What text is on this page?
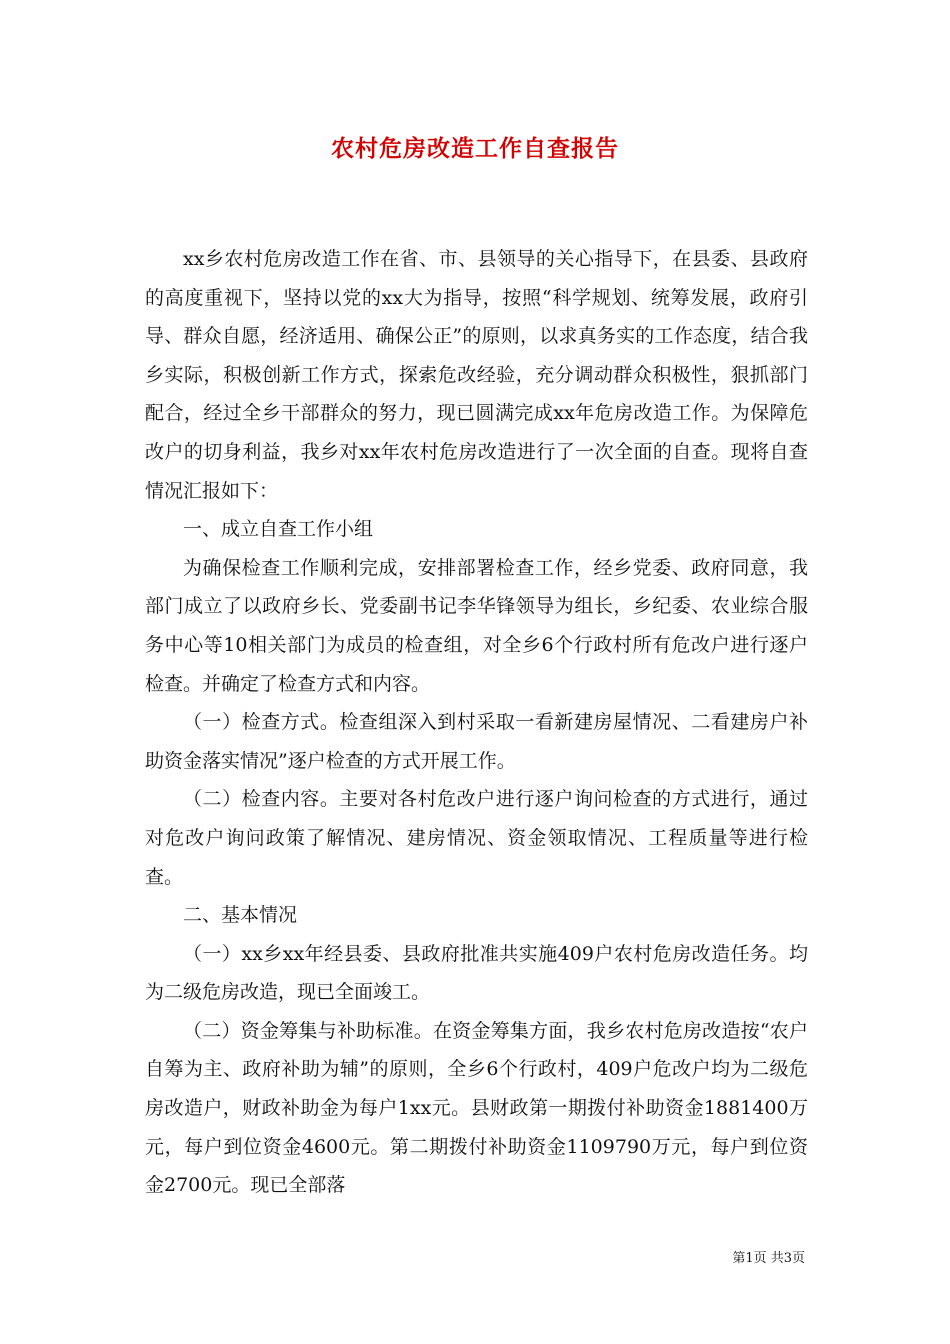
农村危房改造工作自查报告

xx乡农村危房改造工作在省、市、县领导的关心指导下，在县委、县政府的高度重视下，坚持以党的xx大为指导，按照“科学规划、统筹发展，政府引导、群众自愿，经济适用、确保公正”的原则，以求真务实的工作态度，结合我乡实际，积极创新工作方式，探索危改经验，充分调动群众积极性，狠抓部门配合，经过全乡干部群众的努力，现已圆满完成xx年危房改造工作。为保障危改户的切身利益，我乡对xx年农村危房改造进行了一次全面的自查。现将自查情况汇报如下：

一、成立自查工作小组

为确保检查工作顺利完成，安排部署检查工作，经乡党委、政府同意，我部门成立了以政府乡长、党委副书记李华锋领导为组长，乡纪委、农业综合服务中心等10相关部门为成员的检查组，对全乡6个行政村所有危改户进行逐户检查。并确定了检查方式和内容。

（一）检查方式。检查组深入到村采取一看新建房屋情况、二看建房户补助资金落实情况”逐户检查的方式开展工作。

（二）检查内容。主要对各村危改户进行逐户询问检查的方式进行，通过对危改户询问政策了解情况、建房情况、资金领取情况、工程质量等进行检查。

二、基本情况

（一）xx乡xx年经县委、县政府批准共实施409户农村危房改造任务。均为二级危房改造，现已全面竣工。

（二）资金筹集与补助标准。在资金筹集方面，我乡农村危房改造按“农户自筹为主、政府补助为辅”的原则，全乡6个行政村，409户危改户均为二级危房改造户，财政补助金为每户1xx元。县财政第一期拨付补助资金1881400万元，每户到位资金4600元。第二期拨付补助资金1109790万元，每户到位资金2700元。现已全部落

第1页 共3页
